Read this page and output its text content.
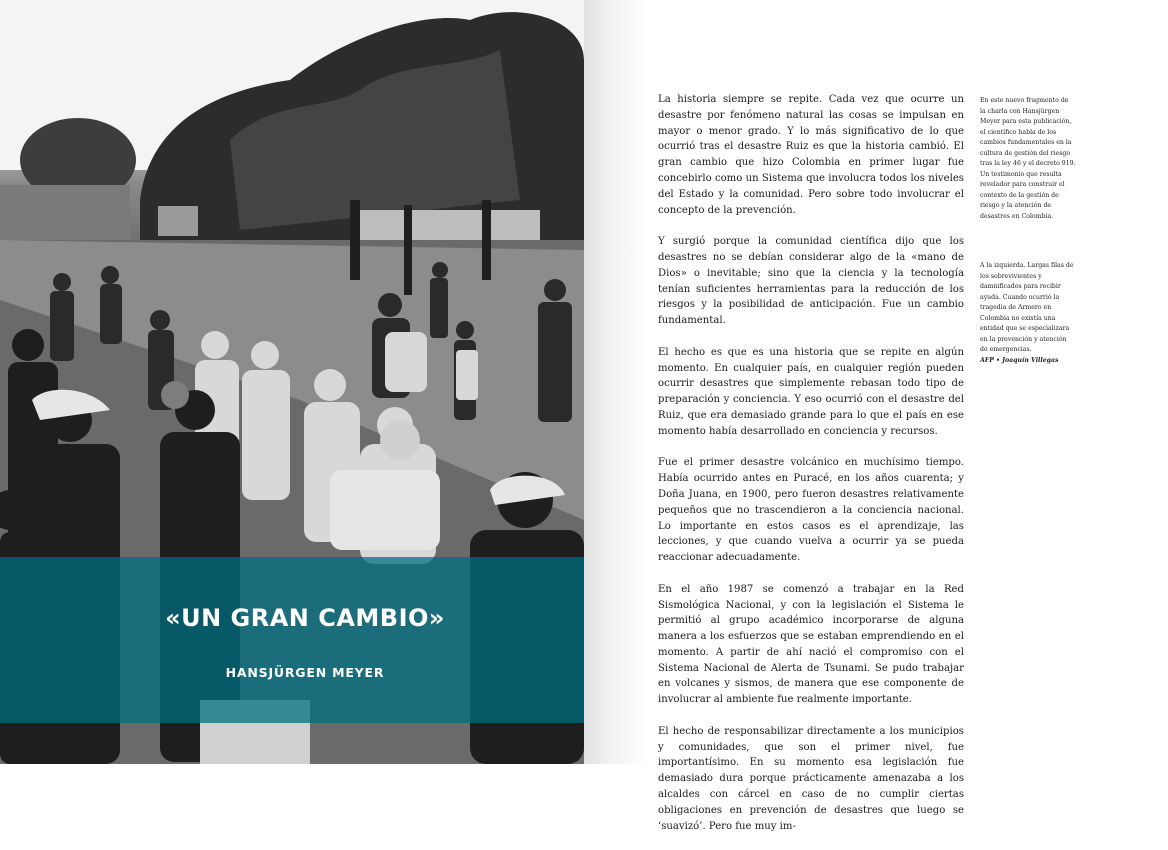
«UN GRAN CAMBIO»
HANSJÜRGEN MEYER

La historia siempre se repite. Cada vez que ocurre un desastre por fenómeno natural las cosas se impulsan en mayor o menor grado. Y lo más significativo de lo que ocurrió tras el desastre Ruiz es que la historia cambió. El gran cambio que hizo Colombia en primer lugar fue concebirlo como un Sistema que involucra todos los niveles del Estado y la comunidad. Pero sobre todo involucrar el concepto de la prevención.

Y surgió porque la comunidad científica dijo que los desastres no se debían considerar algo de la «mano de Dios» o inevitable; sino que la ciencia y la tecnología tenían suficientes herramientas para la reducción de los riesgos y la posibilidad de anticipación. Fue un cambio fundamental.

El hecho es que es una historia que se repite en algún momento. En cualquier país, en cualquier región pueden ocurrir desastres que simplemente rebasan todo tipo de preparación y conciencia. Y eso ocurrió con el desastre del Ruiz, que era demasiado grande para lo que el país en ese momento había desarrollado en conciencia y recursos.

Fue el primer desastre volcánico en muchísimo tiempo. Había ocurrido antes en Puracé, en los años cuarenta; y Doña Juana, en 1900, pero fueron desastres relativamente pequeños que no trascendieron a la conciencia nacional. Lo importante en estos casos es el aprendizaje, las lecciones, y que cuando vuelva a ocurrir ya se pueda reaccionar adecuadamente.

En el año 1987 se comenzó a trabajar en la Red Sismológica Nacional, y con la legislación el Sistema le permitió al grupo académico incorporarse de alguna manera a los esfuerzos que se estaban emprendiendo en el momento. A partir de ahí nació el compromiso con el Sistema Nacional de Alerta de Tsunami. Se pudo trabajar en volcanes y sismos, de manera que ese componente de involucrar al ambiente fue realmente importante.

El hecho de responsabilizar directamente a los municipios y comunidades, que son el primer nivel, fue importantísimo. En su momento esa legislación fue demasiado dura porque prácticamente amenazaba a los alcaldes con cárcel en caso de no cumplir ciertas obligaciones en prevención de desastres que luego se ‘suavizó’. Pero fue muy im-

En este nuevo fragmento de la charla con Hansjürgen Meyer para esta publicación, el científico habla de los cambios fundamentales en la cultura de gestión del riesgo tras la ley 46 y el decreto 919. Un testimonio que resulta revelador para construir el contexto de la gestión de riesgo y la atención de desastres en Colombia.
A la izquierda. Largas filas de los sobrevivientes y damnificados para recibir ayuda. Cuando ocurrió la tragedia de Armero en Colombia no existía una entidad que se especializara en la prevención y atención de emergencias.
AFP • Joaquín Villegas
